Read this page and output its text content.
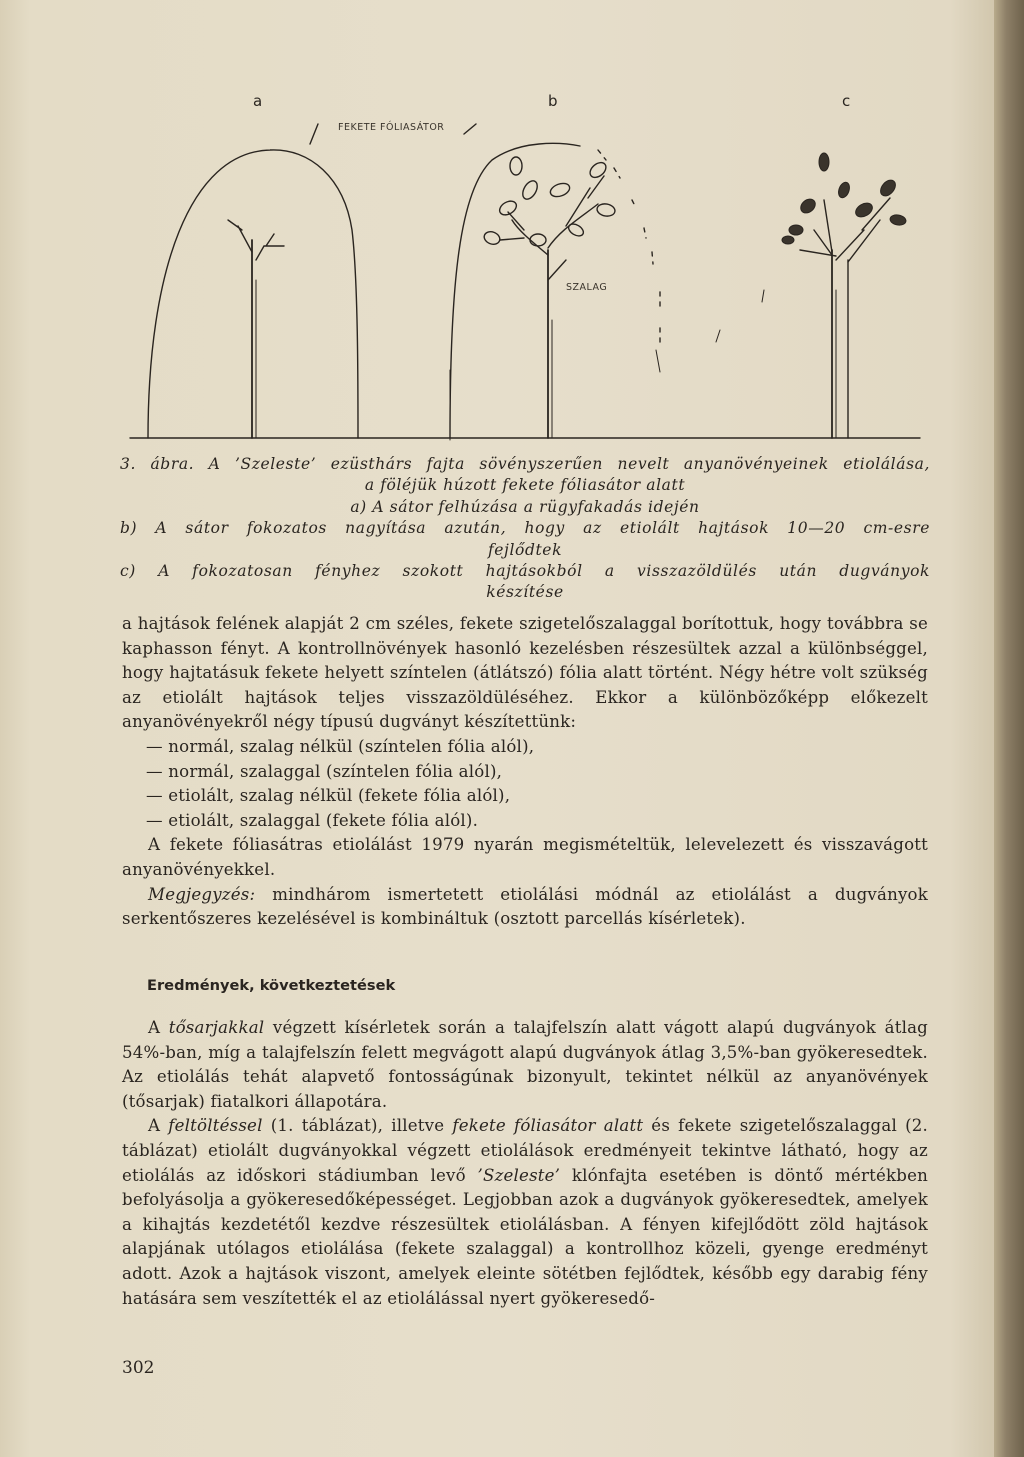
a	b	c
FEKETE FÓLIASÁTOR
SZALAG

3. ábra. A ’Szeleste’ ezüsthárs fajta sövényszerűen nevelt anyanövényeinek etiolálása,

a föléjük húzott fekete fóliasátor alatt

a) A sátor felhúzása a rügyfakadás idején

b) A sátor fokozatos nagyítása azután, hogy az etiolált hajtások 10—20 cm-esre

fejlődtek

c) A fokozatosan fényhez szokott hajtásokból a visszazöldülés után dugványok

készítése

a hajtások felének alapját 2 cm széles, fekete szigetelőszalaggal borítottuk, hogy továbbra se kaphasson fényt. A kontrollnövények hasonló kezelésben részesültek azzal a különbséggel, hogy hajtatásuk fekete helyett színtelen (átlátszó) fólia alatt történt. Négy hétre volt szükség az etiolált hajtások teljes visszazöldüléséhez. Ekkor a különbözőképp előkezelt anyanövényekről négy típusú dugványt készítettünk:

— normál, szalag nélkül (színtelen fólia alól),

— normál, szalaggal (színtelen fólia alól),

— etiolált, szalag nélkül (fekete fólia alól),

— etiolált, szalaggal (fekete fólia alól).

A fekete fóliasátras etiolálást 1979 nyarán megismételtük, lelevelezett és visszavágott anyanövényekkel.

Megjegyzés: mindhárom ismertetett etiolálási módnál az etiolálást a dugványok serkentőszeres kezelésével is kombináltuk (osztott parcellás kísérletek).

Eredmények, következtetések

A tősarjakkal végzett kísérletek során a talajfelszín alatt vágott alapú dugványok átlag 54%-ban, míg a talajfelszín felett megvágott alapú dugványok átlag 3,5%-ban gyökeresedtek. Az etiolálás tehát alapvető fontosságúnak bizonyult, tekintet nélkül az anyanövények (tősarjak) fiatalkori állapotára.

A feltöltéssel (1. táblázat), illetve fekete fóliasátor alatt és fekete szigetelőszalaggal (2. táblázat) etiolált dugványokkal végzett etiolálások eredményeit tekintve látható, hogy az etiolálás az időskori stádiumban levő ’Szeleste’ klónfajta esetében is döntő mértékben befolyásolja a gyökeresedőképességet. Legjobban azok a dugványok gyökeresedtek, amelyek a kihajtás kezdetétől kezdve részesültek etiolálásban. A fényen kifejlődött zöld hajtások alapjának utólagos etiolálása (fekete szalaggal) a kontrollhoz közeli, gyenge eredményt adott. Azok a hajtások viszont, amelyek eleinte sötétben fejlődtek, később egy darabig fény hatására sem veszítették el az etiolálással nyert gyökeresedő-

302
